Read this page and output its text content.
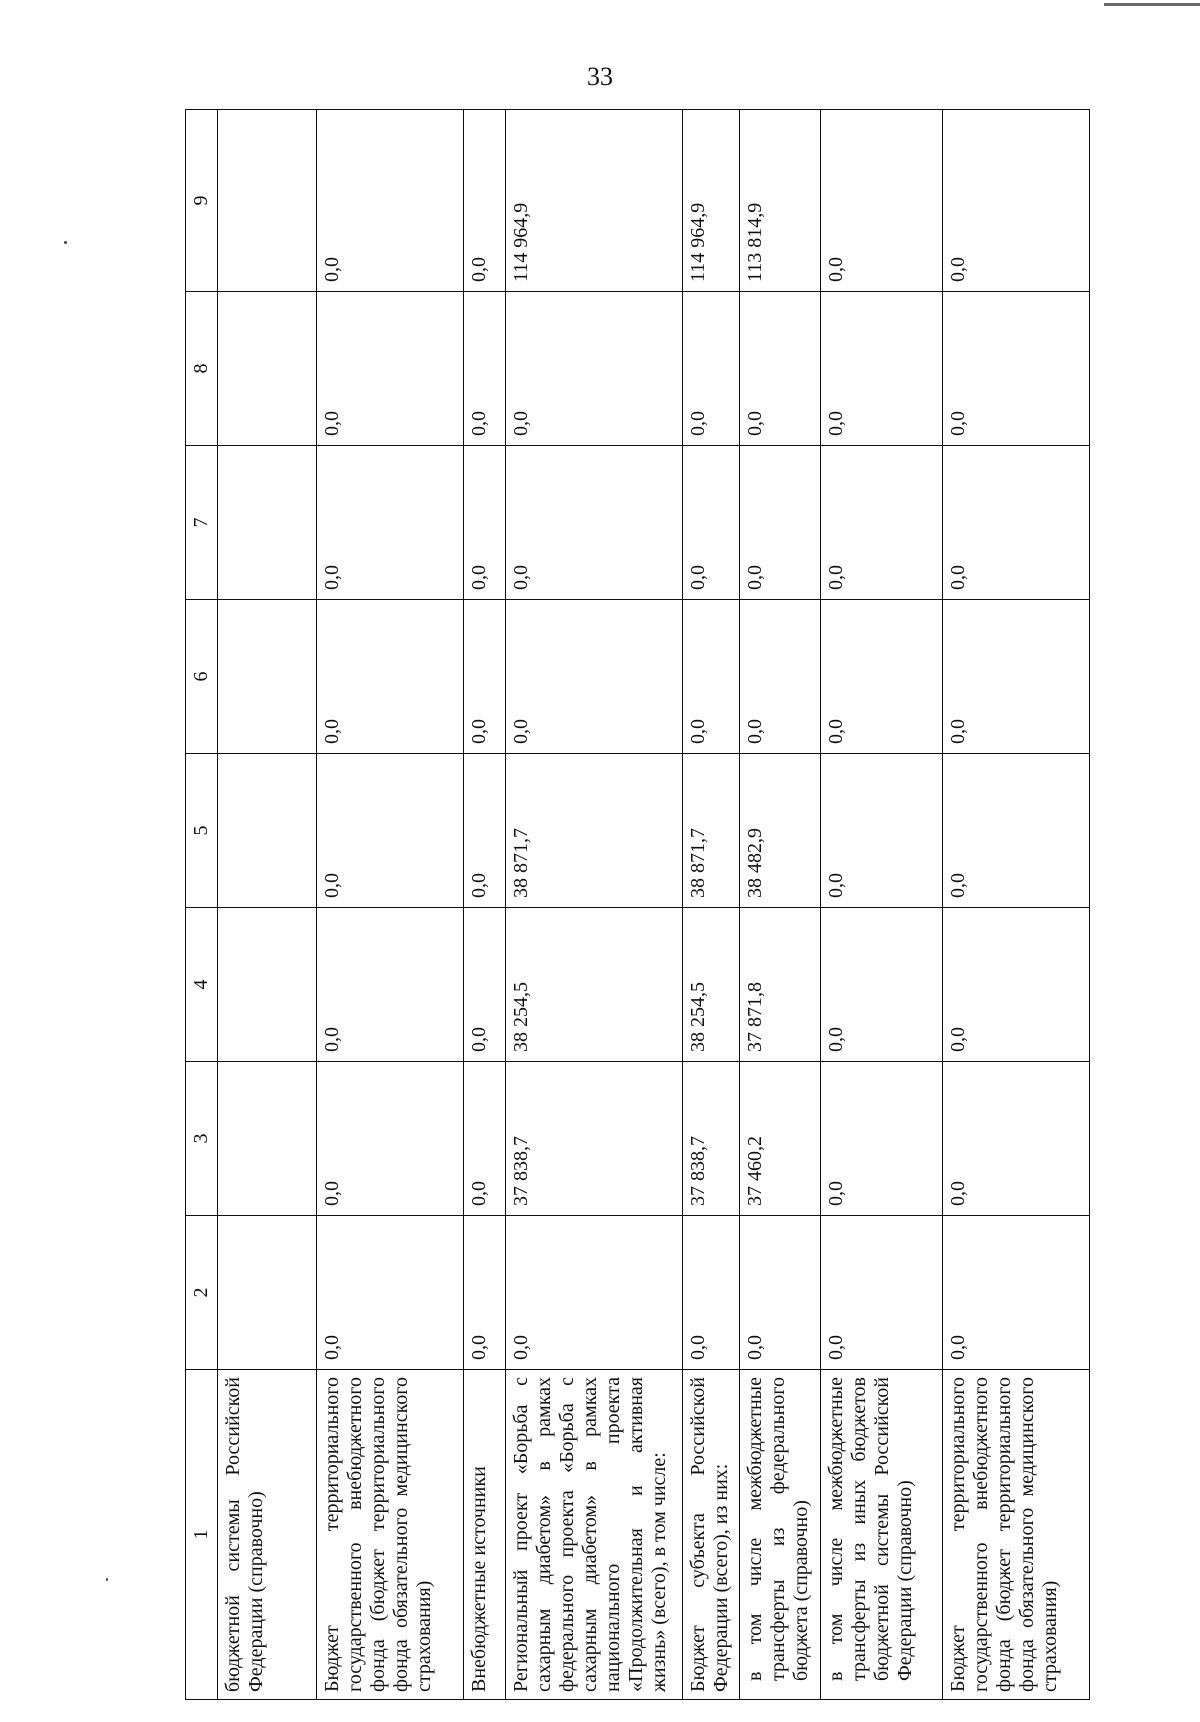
33
1	2	3	4	5	6	7	8	9
бюджетной системы Российской Федерации (справочно)								
Бюджет территориального государственного внебюджетного фонда (бюджет территориального фонда обязательного медицинского страхования)	0,0	0,0	0,0	0,0	0,0	0,0	0,0	0,0
Внебюджетные источники	0,0	0,0	0,0	0,0	0,0	0,0	0,0	0,0
Региональный проект «Борьба с сахарным диабетом» в рамках федерального проекта «Борьба с сахарным диабетом» в рамках национального проекта «Продолжительная и активная жизнь» (всего), в том числе:	0,0	37 838,7	38 254,5	38 871,7	0,0	0,0	0,0	114 964,9
Бюджет субъекта Российской Федерации (всего), из них:	0,0	37 838,7	38 254,5	38 871,7	0,0	0,0	0,0	114 964,9
в том числе межбюджетные трансферты из федерального бюджета (справочно)	0,0	37 460,2	37 871,8	38 482,9	0,0	0,0	0,0	113 814,9
в том числе межбюджетные трансферты из иных бюджетов бюджетной системы Российской Федерации (справочно)	0,0	0,0	0,0	0,0	0,0	0,0	0,0	0,0
Бюджет территориального государственного внебюджетного фонда (бюджет территориального фонда обязательного медицинского страхования)	0,0	0,0	0,0	0,0	0,0	0,0	0,0	0,0
